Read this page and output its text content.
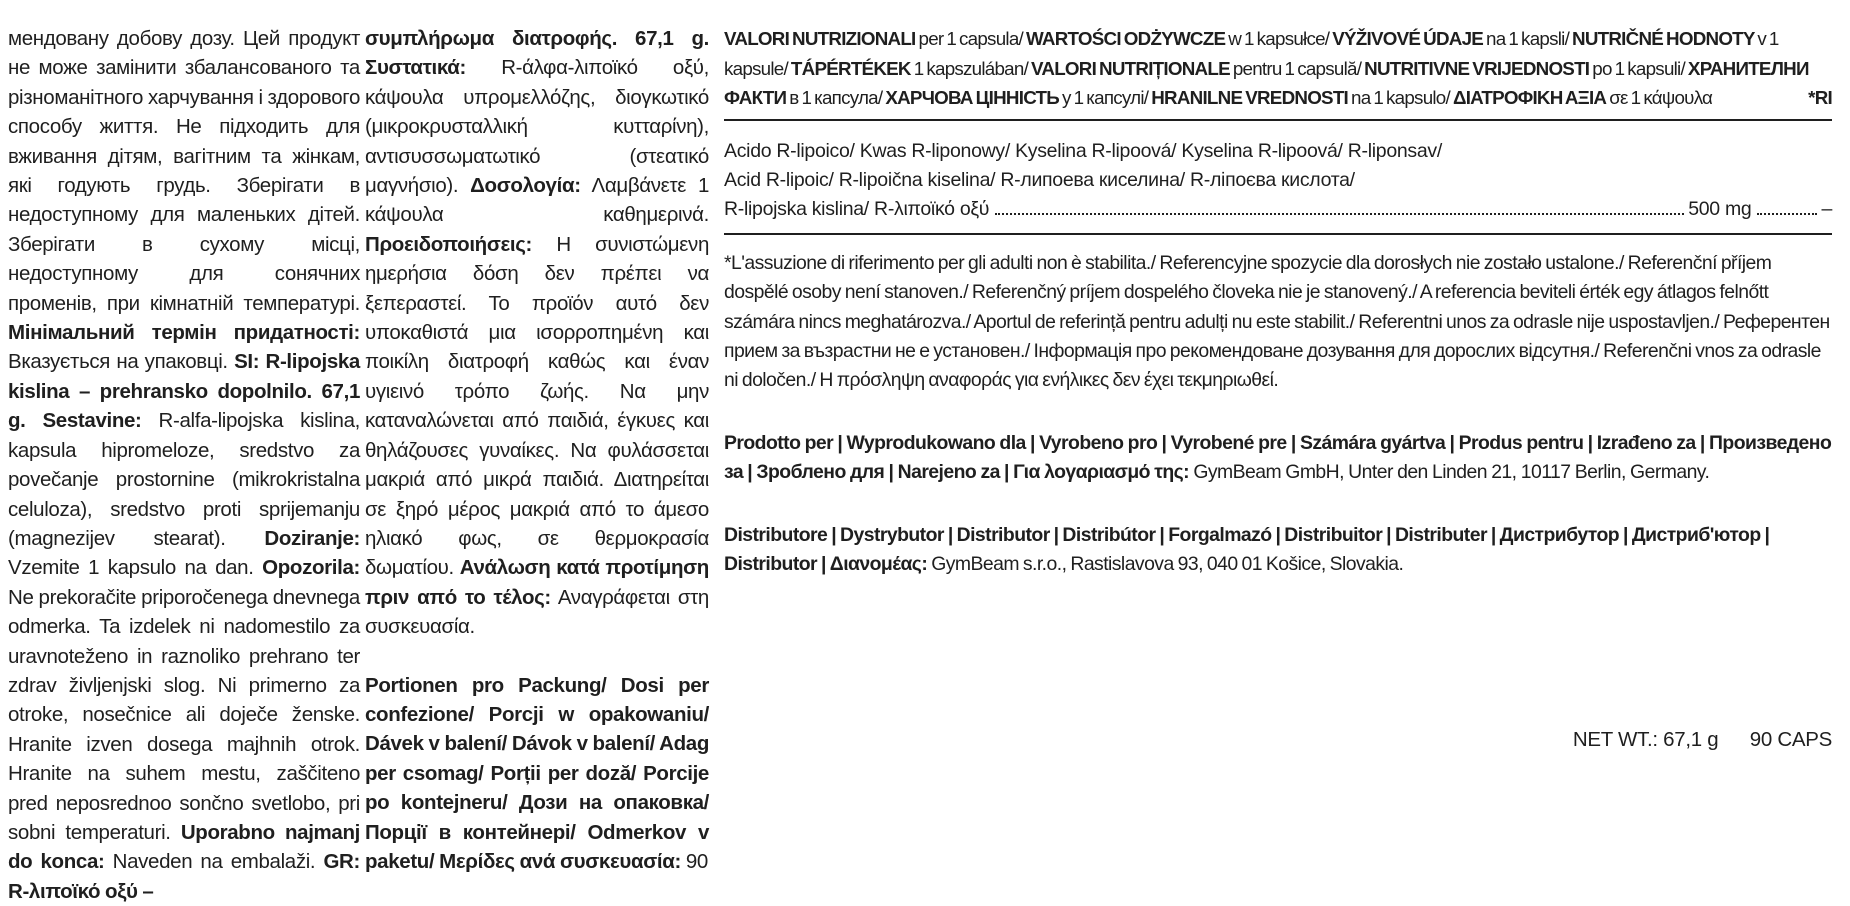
мендовану добову дозу. Цей продукт не може замінити збалансованого та різноманітного харчування і здорового способу життя. Не підходить для вживання дітям, вагітним та жінкам, які годують грудь. Зберігати в недоступному для маленьких дітей. Зберігати в сухому місці, недоступному для сонячних променів, при кімнатній температурі. Мінімальний термін придатності: Вказується на упаковці. SI: R-lipojska kislina – prehransko dopolnilo. 67,1 g. Sestavine: R-alfa-lipojska kislina, kapsula hipromeloze, sredstvo za povečanje prostornine (mikrokristalna celuloza), sredstvo proti sprijemanju (magnezijev stearat). Doziranje: Vzemite 1 kapsulo na dan. Opozorila: Ne prekoračite priporočenega dnevnega odmerka. Ta izdelek ni nadomestilo za uravnoteženo in raznoliko prehrano ter zdrav življenjski slog. Ni primerno za otroke, nosečnice ali doječe ženske. Hranite izven dosega majhnih otrok. Hranite na suhem mestu, zaščiteno pred neposrednoo sončno svetlobo, pri sobni temperaturi. Uporabno najmanj do konca: Naveden na embalaži. GR: R-λιποϊκό οξύ –
συμπλήρωμα διατροφής. 67,1 g. Συστατικά: R-άλφα-λιποϊκό οξύ, κάψουλα υπρομελλόζης, διογκωτικό (μικροκρυσταλλική κυτταρίνη), αντισυσσωματωτικό (στεατικό μαγνήσιο). Δοσολογία: Λαμβάνετε 1 κάψουλα καθημερινά. Προειδοποιήσεις: Η συνιστώμενη ημερήσια δόση δεν πρέπει να ξεπεραστεί. Το προϊόν αυτό δεν υποκαθιστά μια ισορροπημένη και ποικίλη διατροφή καθώς και έναν υγιεινό τρόπο ζωής. Να μην καταναλώνεται από παιδιά, έγκυες και θηλάζουσες γυναίκες. Να φυλάσσεται μακριά από μικρά παιδιά. Διατηρείται σε ξηρό μέρος μακριά από το άμεσο ηλιακό φως, σε θερμοκρασία δωματίου. Ανάλωση κατά προτίμηση πριν από το τέλος: Αναγράφεται στη συσκευασία.
Portionen pro Packung/ Dosi per confezione/ Porcji w opakowaniu/ Dávek v balení/ Dávok v balení/ Adag per csomag/ Porții per doză/ Porcije po kontejneru/ Дози на опаковка/ Порції в контейнері/ Odmerkov v paketu/ Μερίδες ανά συσκευασία: 90
VALORI NUTRIZIONALI per 1 capsula/ WARTOŚCI ODŻYWCZE w 1 kapsułce/ VÝŽIVOVÉ ÚDAJE na 1 kapsli/ NUTRIČNÉ HODNOTY v 1 kapsule/ TÁPÉRTÉKEK 1 kapszulában/ VALORI NUTRIȚIONALE pentru 1 capsulă/ NUTRITIVNE VRIJEDNOSTI po 1 kapsuli/ ХРАНИТЕЛНИ ФАКТИ в 1 капсула/ ХАРЧОВА ЦІННІСТЬ у 1 капсулі/ HRANILNE VREDNOSTI na 1 kapsulo/ ΔΙΑΤΡΟΦΙΚΗ ΑΞΙΑ σε 1 κάψουλα	*RI
Acido R-lipoico/ Kwas R-liponowy/ Kyselina R-lipoová/ Kyselina R-lipoová/ R-liponsav/
Acid R-lipoic/ R-lipoična kiselina/ R-липоева киселина/ R-ліпоєва кислота/
R-lipojska kislina/ R-λιποϊκό οξύ	500 mg	–
*L'assuzione di riferimento per gli adulti non è stabilita./ Referencyjne spozycie dla dorosłych nie zostało ustalone./ Referenční příjem dospělé osoby není stanoven./ Referenčný príjem dospelého človeka nie je stanovený./ A referencia beviteli érték egy átlagos felnőtt számára nincs meghatározva./ Aportul de referință pentru adulți nu este stabilit./ Referentni unos za odrasle nije uspostavljen./ Референтен прием за възрастни не е установен./ Інформація про рекомендоване дозування для дорослих відсутня./ Referenčni vnos za odrasle ni določen./ Η πρόσληψη αναφοράς για ενήλικες δεν έχει τεκμηριωθεί.
Prodotto per | Wyprodukowano dla | Vyrobeno pro | Vyrobené pre | Számára gyártva | Produs pentru | Izrađeno za | Произведено за | Зроблено для | Narejeno za | Για λογαριασμό της: GymBeam GmbH, Unter den Linden 21, 10117 Berlin, Germany.
Distributore | Dystrybutor | Distributor | Distribútor | Forgalmazó | Distribuitor | Distributer | Дистрибутор | Дистриб'ютор | Distributor | Διανομέας: GymBeam s.r.o., Rastislavova 93, 040 01 Košice, Slovakia.
NET WT.: 67,1 g 90 CAPS
